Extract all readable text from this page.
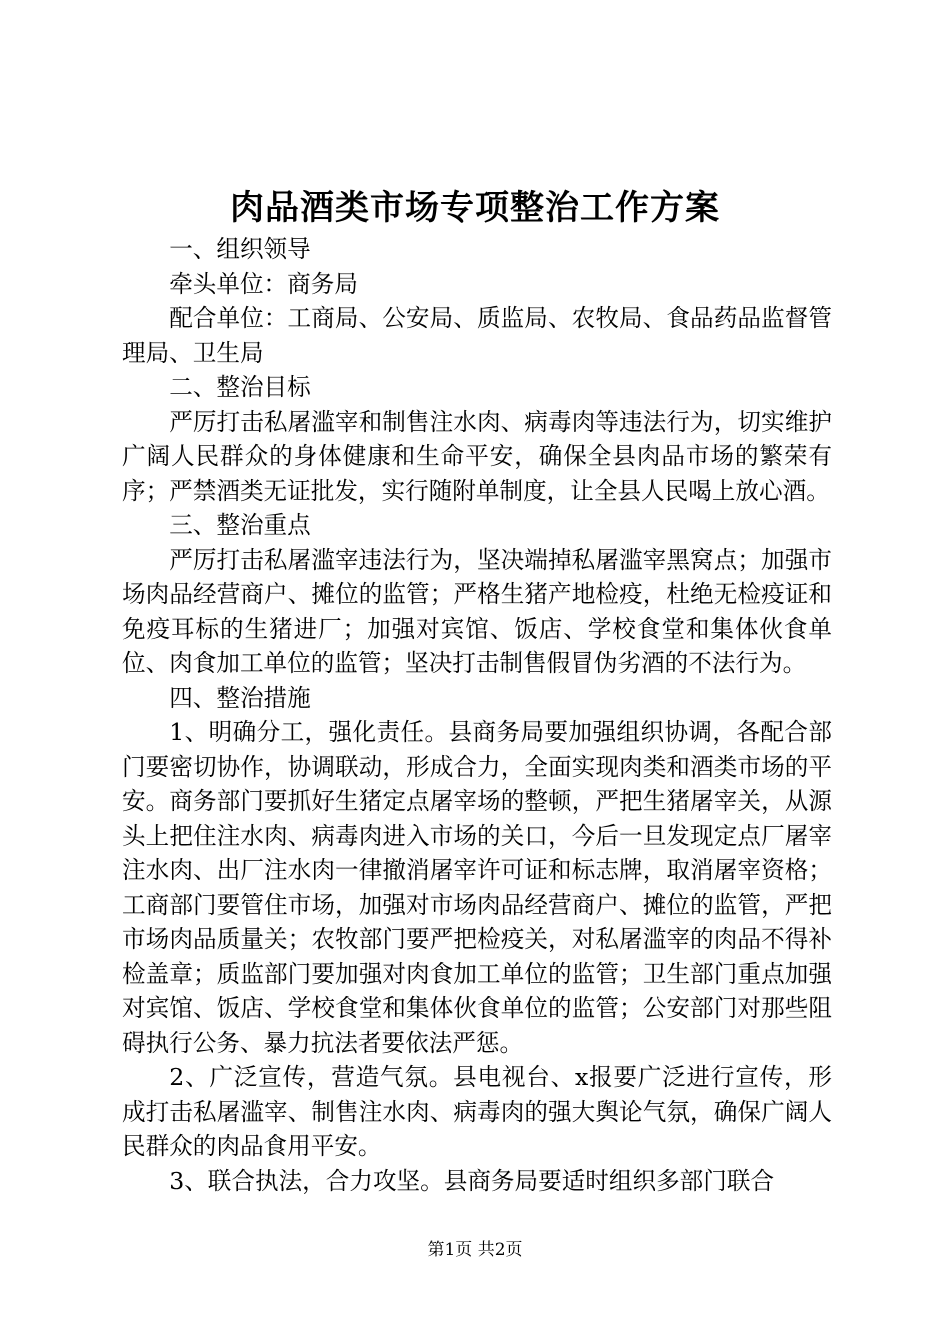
肉品酒类市场专项整治工作方案

一、组织领导

牵头单位：商务局

配合单位：工商局、公安局、质监局、农牧局、食品药品监督管理局、卫生局

二、整治目标

严厉打击私屠滥宰和制售注水肉、病毒肉等违法行为，切实维护广阔人民群众的身体健康和生命平安，确保全县肉品市场的繁荣有序；严禁酒类无证批发，实行随附单制度，让全县人民喝上放心酒。

三、整治重点

严厉打击私屠滥宰违法行为，坚决端掉私屠滥宰黑窝点；加强市场肉品经营商户、摊位的监管；严格生猪产地检疫，杜绝无检疫证和免疫耳标的生猪进厂；加强对宾馆、饭店、学校食堂和集体伙食单位、肉食加工单位的监管；坚决打击制售假冒伪劣酒的不法行为。

四、整治措施

1、明确分工，强化责任。县商务局要加强组织协调，各配合部门要密切协作，协调联动，形成合力，全面实现肉类和酒类市场的平安。商务部门要抓好生猪定点屠宰场的整顿，严把生猪屠宰关，从源头上把住注水肉、病毒肉进入市场的关口，今后一旦发现定点厂屠宰注水肉、出厂注水肉一律撤消屠宰许可证和标志牌，取消屠宰资格；工商部门要管住市场，加强对市场肉品经营商户、摊位的监管，严把市场肉品质量关；农牧部门要严把检疫关，对私屠滥宰的肉品不得补检盖章；质监部门要加强对肉食加工单位的监管；卫生部门重点加强对宾馆、饭店、学校食堂和集体伙食单位的监管；公安部门对那些阻碍执行公务、暴力抗法者要依法严惩。

2、广泛宣传，营造气氛。县电视台、x报要广泛进行宣传，形成打击私屠滥宰、制售注水肉、病毒肉的强大舆论气氛，确保广阔人民群众的肉品食用平安。

3、联合执法，合力攻坚。县商务局要适时组织多部门联合

第1页 共2页
